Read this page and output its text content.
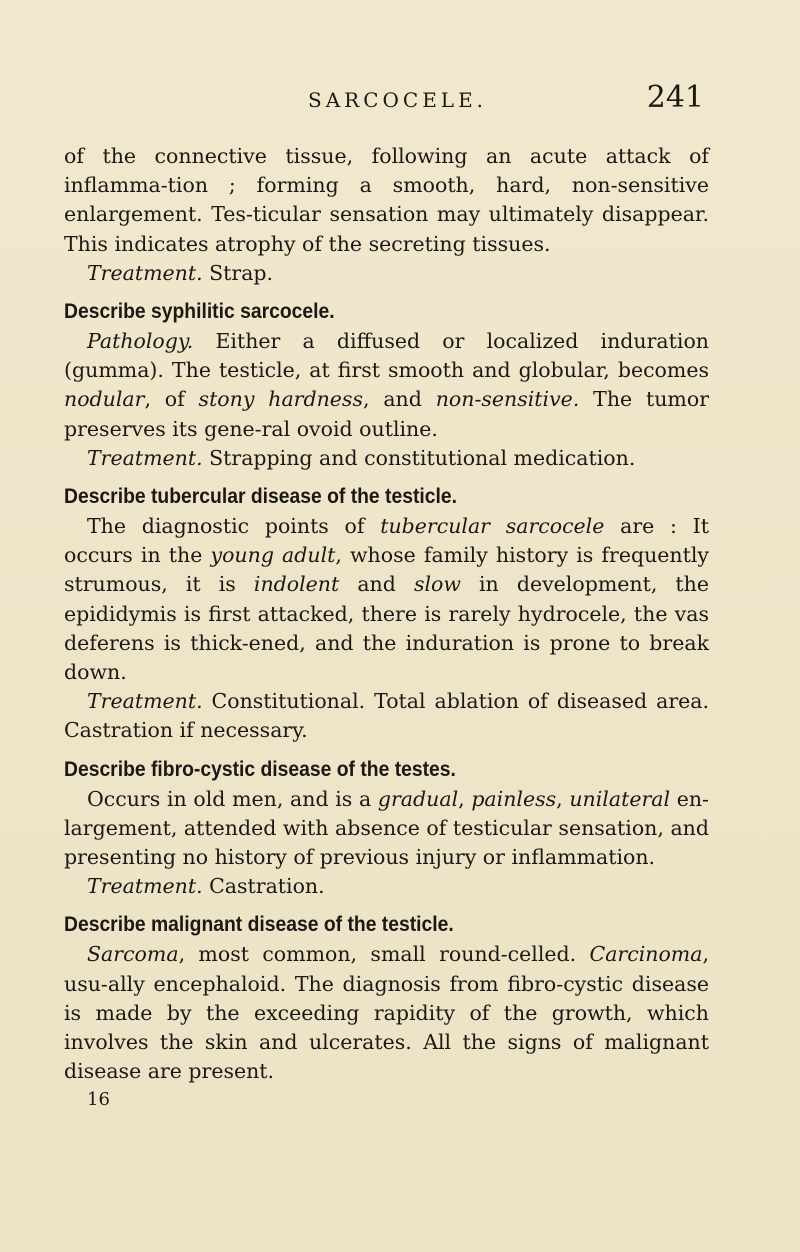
SARCOCELE.	241

of the connective tissue, following an acute attack of inflamma-tion ; forming a smooth, hard, non-sensitive enlargement. Tes-ticular sensation may ultimately disappear. This indicates atrophy of the secreting tissues.

Treatment. Strap.

Describe syphilitic sarcocele.

Pathology. Either a diffused or localized induration (gumma). The testicle, at first smooth and globular, becomes nodular, of stony hardness, and non-sensitive. The tumor preserves its gene-ral ovoid outline.

Treatment. Strapping and constitutional medication.

Describe tubercular disease of the testicle.

The diagnostic points of tubercular sarcocele are : It occurs in the young adult, whose family history is frequently strumous, it is indolent and slow in development, the epididymis is first attacked, there is rarely hydrocele, the vas deferens is thick-ened, and the induration is prone to break down.

Treatment. Constitutional. Total ablation of diseased area. Castration if necessary.

Describe fibro-cystic disease of the testes.

Occurs in old men, and is a gradual, painless, unilateral en-largement, attended with absence of testicular sensation, and presenting no history of previous injury or inflammation.

Treatment. Castration.

Describe malignant disease of the testicle.

Sarcoma, most common, small round-celled. Carcinoma, usu-ally encephaloid. The diagnosis from fibro-cystic disease is made by the exceeding rapidity of the growth, which involves the skin and ulcerates. All the signs of malignant disease are present.

16
